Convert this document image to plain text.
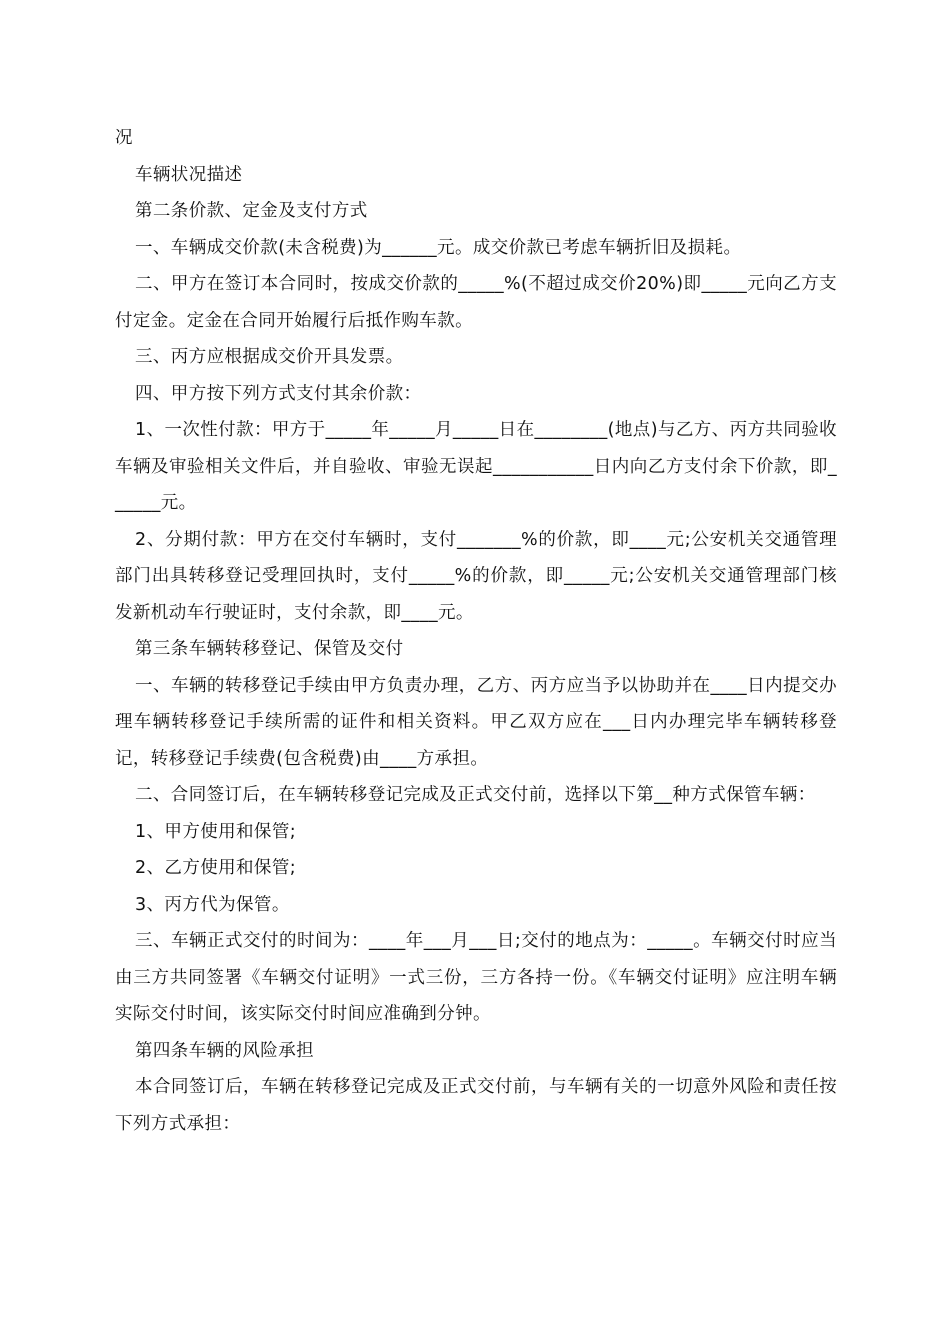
况

车辆状况描述

第二条价款、定金及支付方式

一、车辆成交价款(未含税费)为______元。成交价款已考虑车辆折旧及损耗。

二、甲方在签订本合同时，按成交价款的_____%(不超过成交价20%)即_____元向乙方支付定金。定金在合同开始履行后抵作购车款。

三、丙方应根据成交价开具发票。

四、甲方按下列方式支付其余价款：

1、一次性付款：甲方于_____年_____月_____日在________(地点)与乙方、丙方共同验收车辆及审验相关文件后，并自验收、审验无误起___________日内向乙方支付余下价款，即______元。

2、分期付款：甲方在交付车辆时，支付_______%的价款，即____元;公安机关交通管理部门出具转移登记受理回执时，支付_____%的价款，即_____元;公安机关交通管理部门核发新机动车行驶证时，支付余款，即____元。

第三条车辆转移登记、保管及交付

一、车辆的转移登记手续由甲方负责办理，乙方、丙方应当予以协助并在____日内提交办理车辆转移登记手续所需的证件和相关资料。甲乙双方应在___日内办理完毕车辆转移登记，转移登记手续费(包含税费)由____方承担。

二、合同签订后，在车辆转移登记完成及正式交付前，选择以下第__种方式保管车辆：

1、甲方使用和保管;

2、乙方使用和保管;

3、丙方代为保管。

三、车辆正式交付的时间为：____年___月___日;交付的地点为：_____。车辆交付时应当由三方共同签署《车辆交付证明》一式三份，三方各持一份。《车辆交付证明》应注明车辆实际交付时间，该实际交付时间应准确到分钟。

第四条车辆的风险承担

本合同签订后，车辆在转移登记完成及正式交付前，与车辆有关的一切意外风险和责任按下列方式承担：
